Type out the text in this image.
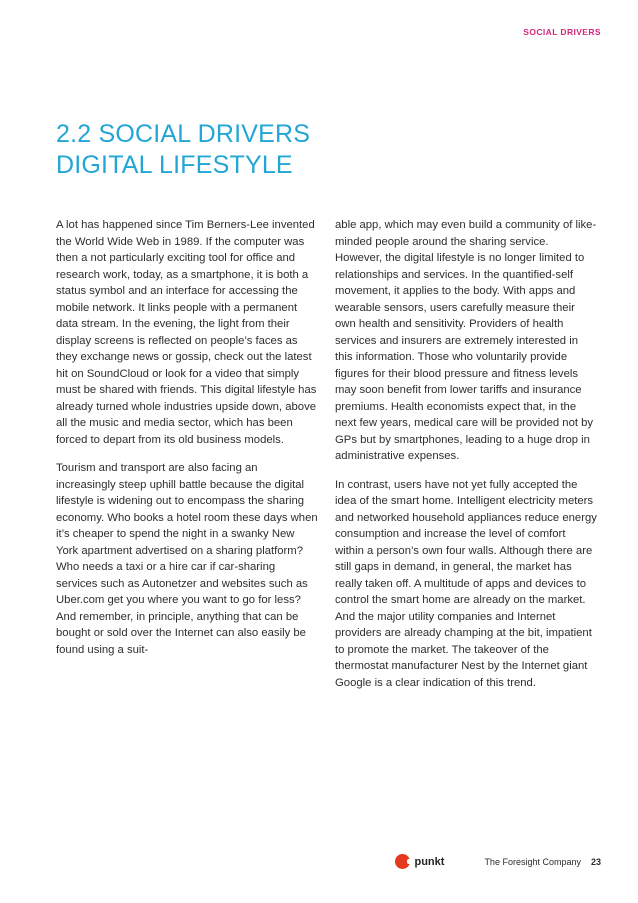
SOCIAL DRIVERS
2.2 SOCIAL DRIVERS
DIGITAL LIFESTYLE

A lot has happened since Tim Berners-Lee invented the World Wide Web in 1989. If the computer was then a not particularly exciting tool for office and research work, today, as a smartphone, it is both a status symbol and an interface for accessing the mobile network. It links people with a permanent data stream. In the evening, the light from their display screens is reflected on people’s faces as they exchange news or gossip, check out the latest hit on SoundCloud or look for a video that simply must be shared with friends. This digital lifestyle has already turned whole industries upside down, above all the music and media sector, which has been forced to depart from its old business models.

Tourism and transport are also facing an increasingly steep uphill battle because the digital lifestyle is widening out to encompass the sharing economy. Who books a hotel room these days when it’s cheaper to spend the night in a swanky New York apartment advertised on a sharing platform? Who needs a taxi or a hire car if car-sharing services such as Autonetzer and websites such as Uber.com get you where you want to go for less? And remember, in principle, anything that can be bought or sold over the Internet can also easily be found using a suit-

able app, which may even build a community of like-minded people around the sharing service. However, the digital lifestyle is no longer limited to relationships and services. In the quantified-self movement, it applies to the body. With apps and wearable sensors, users carefully measure their own health and sensitivity. Providers of health services and insurers are extremely interested in this information. Those who voluntarily provide figures for their blood pressure and fitness levels may soon benefit from lower tariffs and insurance premiums. Health economists expect that, in the next few years, medical care will be provided not by GPs but by smartphones, leading to a huge drop in administrative expenses.

In contrast, users have not yet fully accepted the idea of the smart home. Intelligent electricity meters and networked household appliances reduce energy consumption and increase the level of comfort within a person’s own four walls. Although there are still gaps in demand, in general, the market has really taken off. A multitude of apps and devices to control the smart home are already on the market. And the major utility companies and Internet providers are already champing at the bit, impatient to promote the market. The takeover of the thermostat manufacturer Nest by the Internet giant Google is a clear indication of this trend.

punkt	The Foresight Company 23
